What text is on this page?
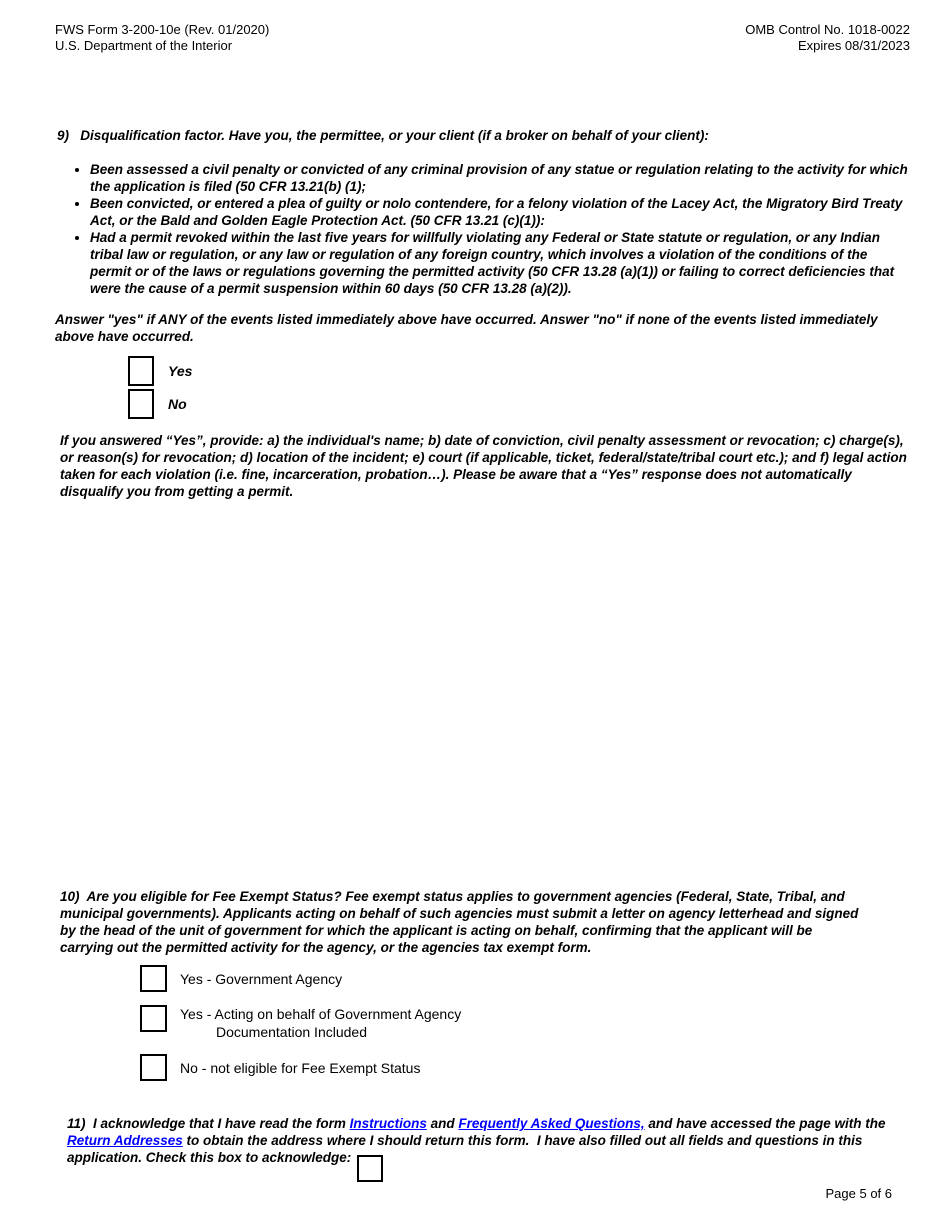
FWS Form 3-200-10e (Rev. 01/2020)
U.S. Department of the Interior
OMB Control No. 1018-0022
Expires 08/31/2023

9)   Disqualification factor. Have you, the permittee, or your client (if a broker on behalf of your client):

• Been assessed a civil penalty or convicted of any criminal provision of any statue or regulation relating to the activity for which the application is filed (50 CFR 13.21(b) (1);
• Been convicted, or entered a plea of guilty or nolo contendere, for a felony violation of the Lacey Act, the Migratory Bird Treaty Act, or the Bald and Golden Eagle Protection Act. (50 CFR 13.21 (c)(1)):
• Had a permit revoked within the last five years for willfully violating any Federal or State statute or regulation, or any Indian tribal law or regulation, or any law or regulation of any foreign country, which involves a violation of the conditions of the permit or of the laws or regulations governing the permitted activity (50 CFR 13.28 (a)(1)) or failing to correct deficiencies that were the cause of a permit suspension within 60 days (50 CFR 13.28 (a)(2)).

Answer "yes" if ANY of the events listed immediately above have occurred. Answer "no" if none of the events listed immediately above have occurred.

Yes
No

If you answered “Yes”, provide: a) the individual's name; b) date of conviction, civil penalty assessment or revocation; c) charge(s), or reason(s) for revocation; d) location of the incident; e) court (if applicable, ticket, federal/state/tribal court etc.); and f) legal action taken for each violation (i.e. fine, incarceration, probation…). Please be aware that a “Yes” response does not automatically disqualify you from getting a permit.

10)  Are you eligible for Fee Exempt Status? Fee exempt status applies to government agencies (Federal, State, Tribal, and municipal governments). Applicants acting on behalf of such agencies must submit a letter on agency letterhead and signed by the head of the unit of government for which the applicant is acting on behalf, confirming that the applicant will be carrying out the permitted activity for the agency, or the agencies tax exempt form.

Yes - Government Agency
Yes - Acting on behalf of Government Agency
Documentation Included
No - not eligible for Fee Exempt Status

11)  I acknowledge that I have read the form Instructions and Frequently Asked Questions, and have accessed the page with the Return Addresses to obtain the address where I should return this form.  I have also filled out all fields and questions in this application. Check this box to acknowledge:

Page 5 of 6
